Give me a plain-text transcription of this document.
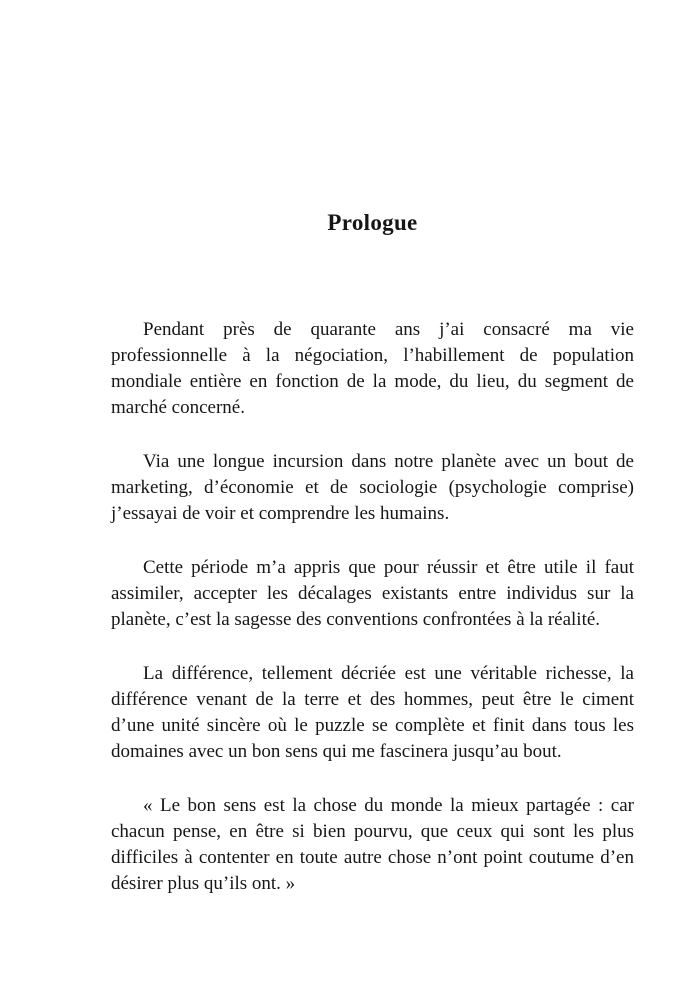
Prologue

Pendant près de quarante ans j’ai consacré ma vie professionnelle à la négociation, l’habillement de population mondiale entière en fonction de la mode, du lieu, du segment de marché concerné.

Via une longue incursion dans notre planète avec un bout de marketing, d’économie et de sociologie (psychologie comprise) j’essayai de voir et comprendre les humains.

Cette période m’a appris que pour réussir et être utile il faut assimiler, accepter les décalages existants entre individus sur la planète, c’est la sagesse des conventions confrontées à la réalité.

La différence, tellement décriée est une véritable richesse, la différence venant de la terre et des hommes, peut être le ciment d’une unité sincère où le puzzle se complète et finit dans tous les domaines avec un bon sens qui me fascinera jusqu’au bout.

« Le bon sens est la chose du monde la mieux partagée : car chacun pense, en être si bien pourvu, que ceux qui sont les plus difficiles à contenter en toute autre chose n’ont point coutume d’en désirer plus qu’ils ont. »
